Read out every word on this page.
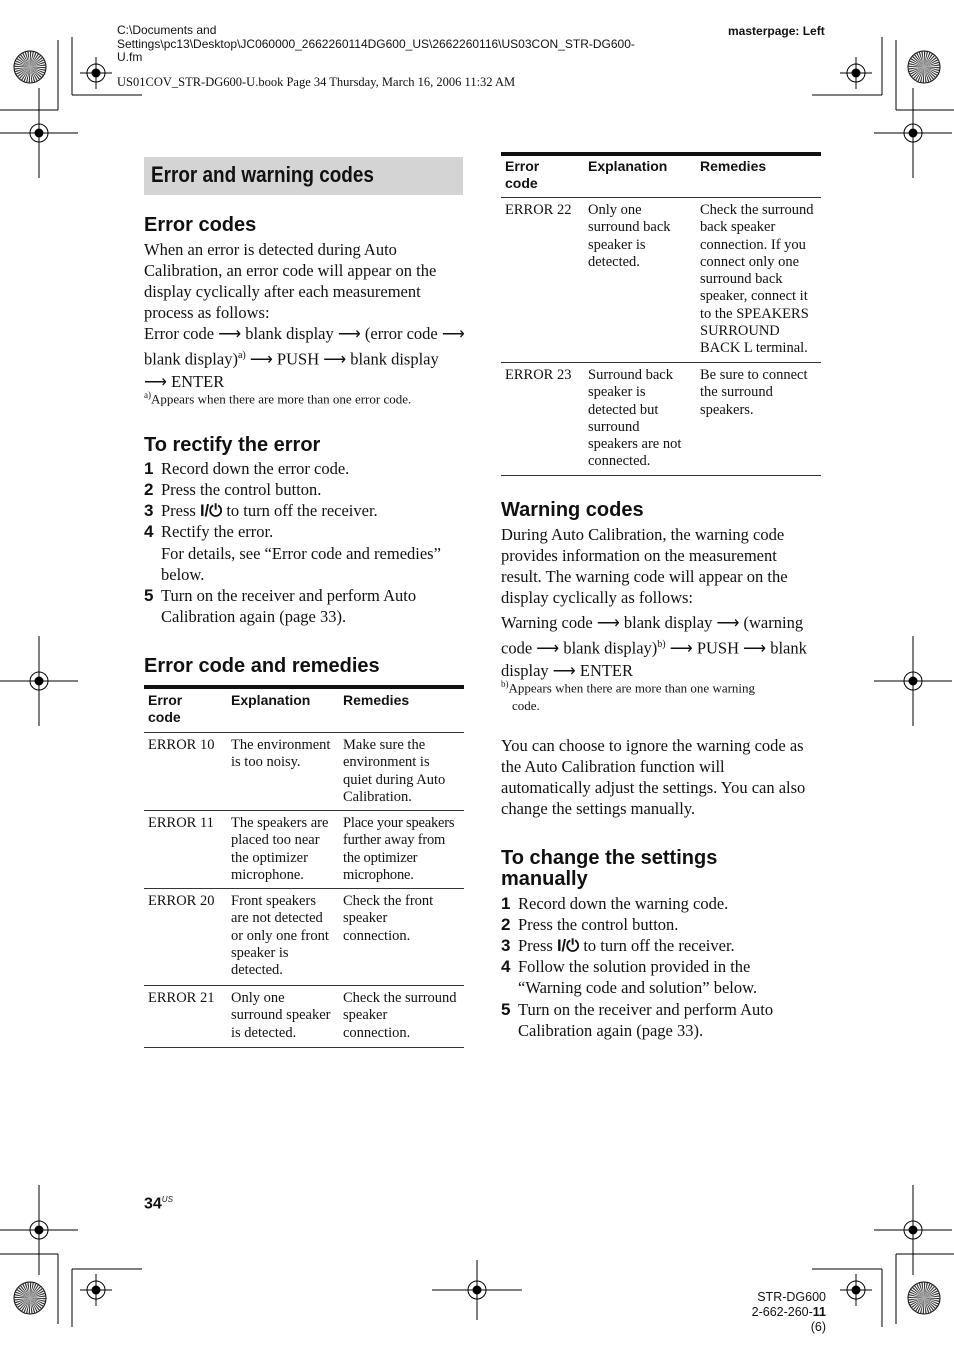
C:\Documents and
Settings\pc13\Desktop\JC060000_2662260114DG600_US\2662260116\US03CON_STR-DG600-
U.fm
US01COV_STR-DG600-U.book Page 34 Thursday, March 16, 2006 11:32 AM
masterpage: Left
Error and warning codes
Error codes
When an error is detected during Auto
Calibration, an error code will appear on the
display cyclically after each measurement
process as follows:
Error code ⟶ blank display ⟶ (error code ⟶
blank display)$^{a)}$ ⟶ PUSH ⟶ blank display
⟶ ENTER
$^{a)}$Appears when there are more than one error code.
To rectify the error
1 Record down the error code.
2 Press the control button.
3 Press I/⏻ to turn off the receiver.
4 Rectify the error.
For details, see “Error code and remedies”
below.
5 Turn on the receiver and perform Auto
Calibration again (page 33).
Error code and remedies
Error
code
Explanation Remedies
ERROR 10 The environment
is too noisy.
Make sure the
environment is
quiet during Auto
Calibration.
ERROR 11 The speakers are
placed too near
the optimizer
microphone.
Place your speakers
further away from
the optimizer
microphone.
ERROR 20 Front speakers
are not detected
or only one front
speaker is
detected.
Check the front
speaker
connection.
ERROR 21 Only one
surround speaker
is detected.
Check the surround
speaker
connection.
Error
code
Explanation Remedies
ERROR 22 Only one
surround back
speaker is
detected.
Check the surround
back speaker
connection. If you
connect only one
surround back
speaker, connect it
to the SPEAKERS
SURROUND
BACK L terminal.
ERROR 23 Surround back
speaker is
detected but
surround
speakers are not
connected.
Be sure to connect
the surround
speakers.
Warning codes
During Auto Calibration, the warning code
provides information on the measurement
result. The warning code will appear on the
display cyclically as follows:
Warning code ⟶ blank display ⟶ (warning
code ⟶ blank display)$^{b)}$ ⟶ PUSH ⟶ blank
display ⟶ ENTER
$^{b)}$Appears when there are more than one warning
code.
You can choose to ignore the warning code as
the Auto Calibration function will
automatically adjust the settings. You can also
change the settings manually.
To change the settings
manually
1 Record down the warning code.
2 Press the control button.
3 Press I/⏻ to turn off the receiver.
4 Follow the solution provided in the
“Warning code and solution” below.
5 Turn on the receiver and perform Auto
Calibration again (page 33).
$34^{US}$
STR-DG600
2-662-260-11 (6)
